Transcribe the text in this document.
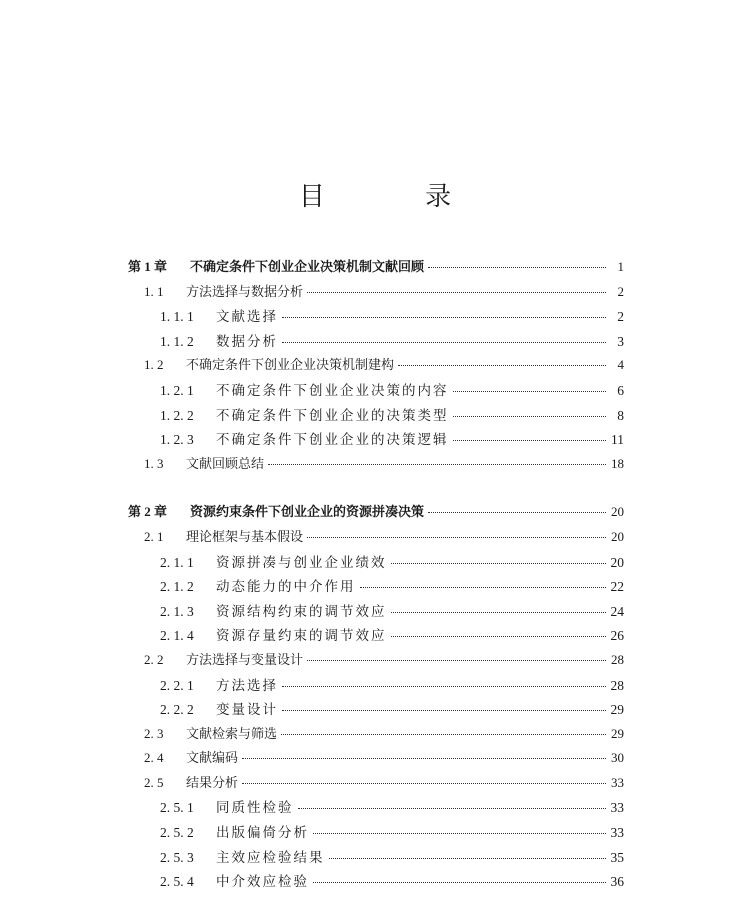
目 录
第 1 章	不确定条件下创业企业决策机制文献回顾	1
1. 1	方法选择与数据分析	2
1. 1. 1	文献选择	2
1. 1. 2	数据分析	3
1. 2	不确定条件下创业企业决策机制建构	4
1. 2. 1	不确定条件下创业企业决策的内容	6
1. 2. 2	不确定条件下创业企业的决策类型	8
1. 2. 3	不确定条件下创业企业的决策逻辑	11
1. 3	文献回顾总结	18
第 2 章	资源约束条件下创业企业的资源拼凑决策	20
2. 1	理论框架与基本假设	20
2. 1. 1	资源拼凑与创业企业绩效	20
2. 1. 2	动态能力的中介作用	22
2. 1. 3	资源结构约束的调节效应	24
2. 1. 4	资源存量约束的调节效应	26
2. 2	方法选择与变量设计	28
2. 2. 1	方法选择	28
2. 2. 2	变量设计	29
2. 3	文献检索与筛选	29
2. 4	文献编码	30
2. 5	结果分析	33
2. 5. 1	同质性检验	33
2. 5. 2	出版偏倚分析	33
2. 5. 3	主效应检验结果	35
2. 5. 4	中介效应检验	36
